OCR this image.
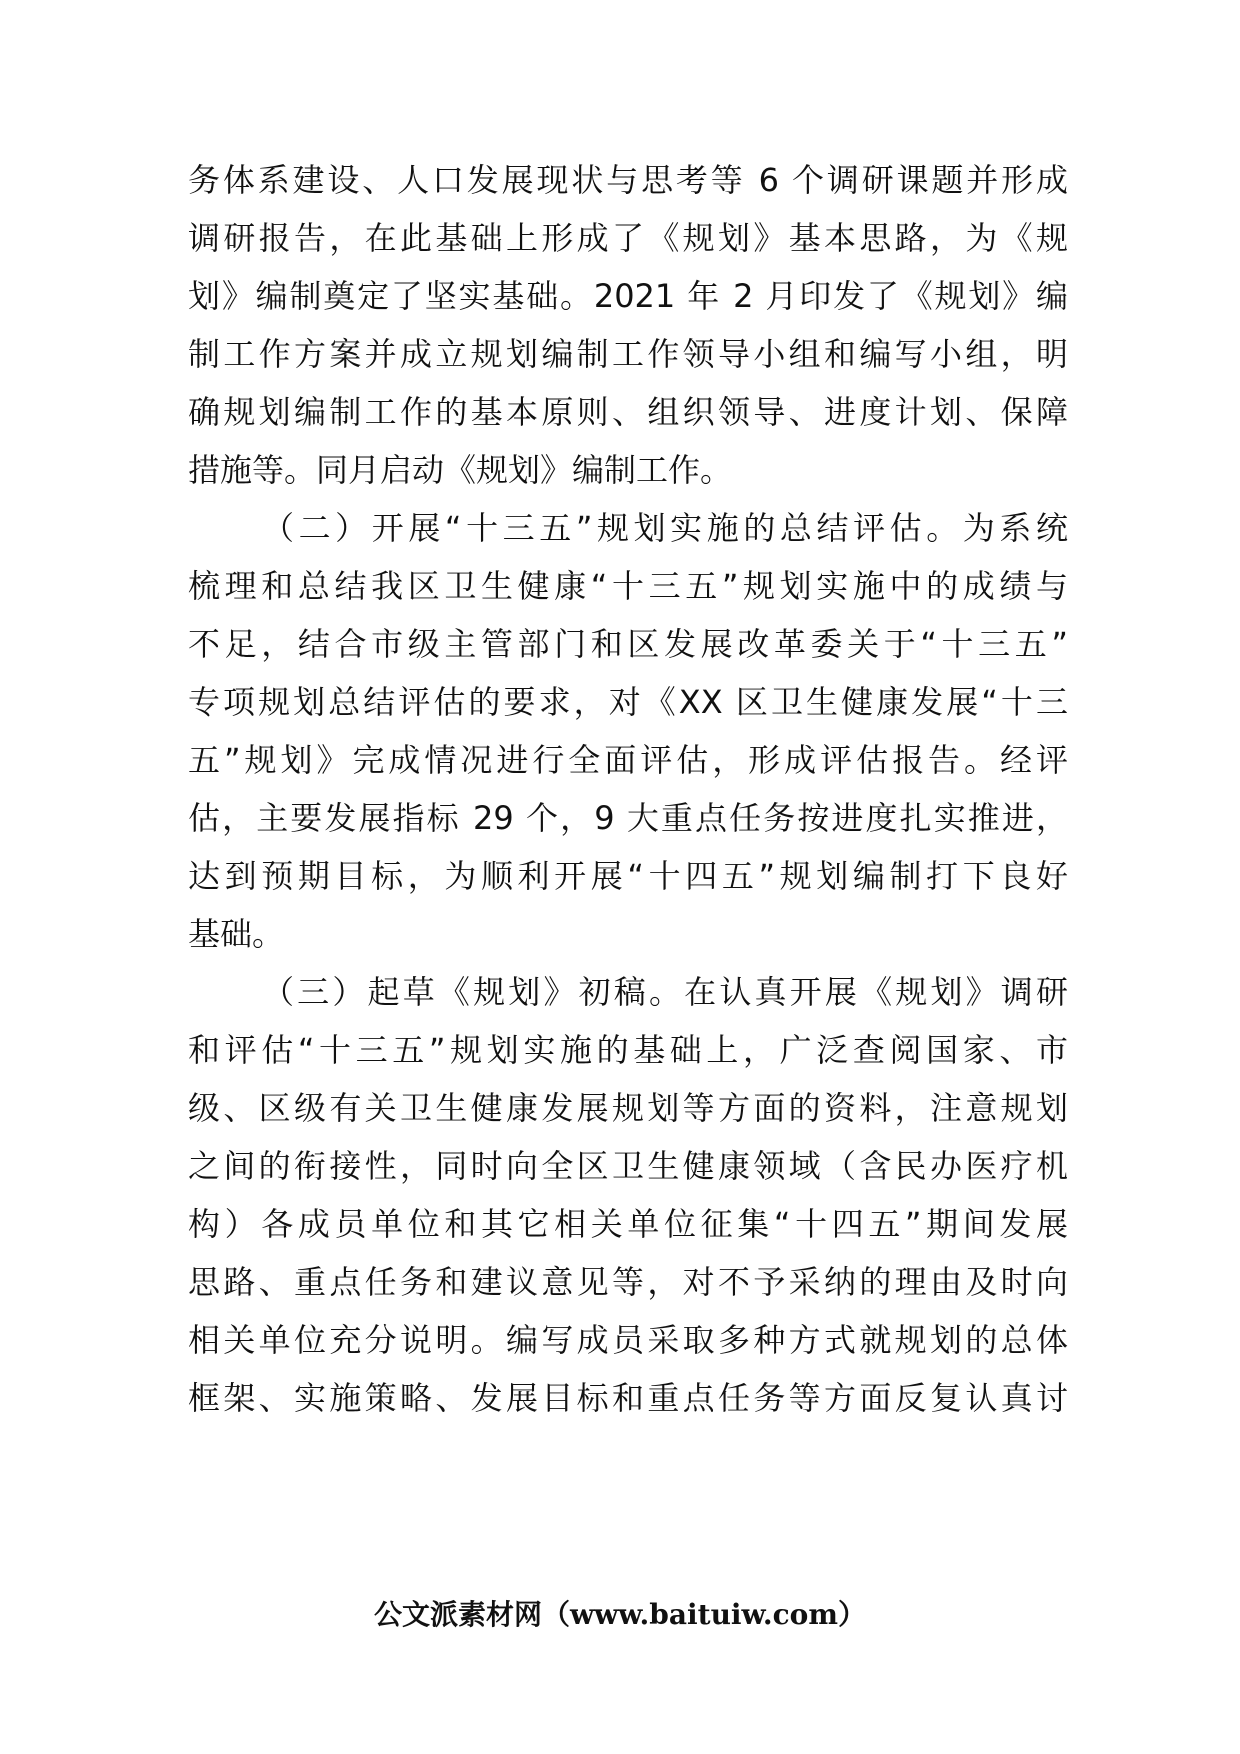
务体系建设、人口发展现状与思考等 6 个调研课题并形成
调研报告，在此基础上形成了《规划》基本思路，为《规
划》编制奠定了坚实基础。2021 年 2 月印发了《规划》编
制工作方案并成立规划编制工作领导小组和编写小组，明
确规划编制工作的基本原则、组织领导、进度计划、保障
措施等。同月启动《规划》编制工作。
（二）开展“十三五”规划实施的总结评估。为系统
梳理和总结我区卫生健康“十三五”规划实施中的成绩与
不足，结合市级主管部门和区发展改革委关于“十三五”
专项规划总结评估的要求，对《XX 区卫生健康发展“十三
五”规划》完成情况进行全面评估，形成评估报告。经评
估，主要发展指标 29 个，9 大重点任务按进度扎实推进，
达到预期目标，为顺利开展“十四五”规划编制打下良好
基础。
（三）起草《规划》初稿。在认真开展《规划》调研
和评估“十三五”规划实施的基础上，广泛查阅国家、市
级、区级有关卫生健康发展规划等方面的资料，注意规划
之间的衔接性，同时向全区卫生健康领域（含民办医疗机
构）各成员单位和其它相关单位征集“十四五”期间发展
思路、重点任务和建议意见等，对不予采纳的理由及时向
相关单位充分说明。编写成员采取多种方式就规划的总体
框架、实施策略、发展目标和重点任务等方面反复认真讨
公文派素材网（www.baituiw.com）
